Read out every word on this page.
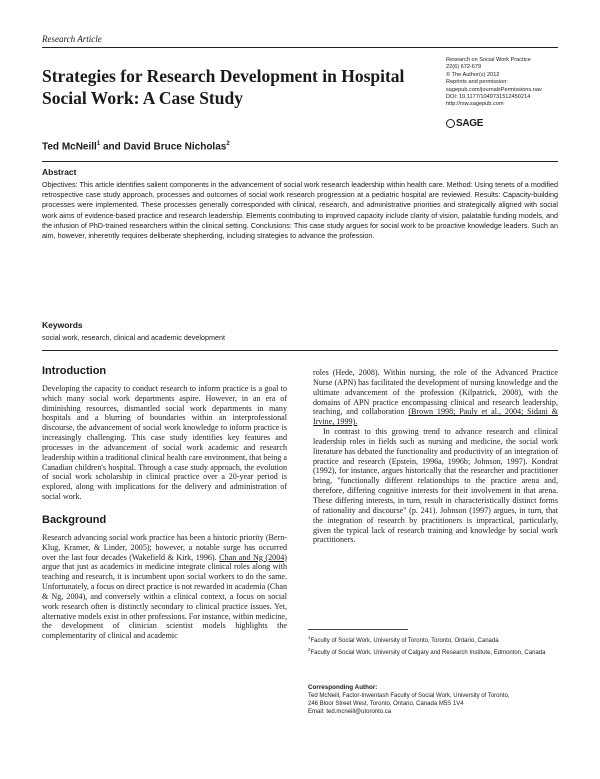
Research Article
Strategies for Research Development in Hospital Social Work: A Case Study
Research on Social Work Practice
22(6) 672-679
© The Author(s) 2012
Reprints and permission:
sagepub.com/journalsPermissions.nav
DOI: 10.1177/1049731512450214
http://rsw.sagepub.com
SAGE
Ted McNeill$^1$ and David Bruce Nicholas$^2$
Abstract
Objectives: This article identifies salient components in the advancement of social work research leadership within health care. Method: Using tenets of a modified retrospective case study approach, processes and outcomes of social work research progression at a pediatric hospital are reviewed. Results: Capacity-building processes were implemented. These processes generally corresponded with clinical, research, and administrative priorities and strategically aligned with social work aims of evidence-based practice and research leadership. Elements contributing to improved capacity include clarity of vision, palatable funding models, and the infusion of PhD-trained researchers within the clinical setting. Conclusions: This case study argues for social work to be proactive knowledge leaders. Such an aim, however, inherently requires deliberate shepherding, including strategies to advance the profession.
Keywords
social work, research, clinical and academic development
Introduction

Developing the capacity to conduct research to inform practice is a goal to which many social work departments aspire. However, in an era of diminishing resources, dismantled social work departments in many hospitals and a blurring of boundaries within an interprofessional discourse, the advancement of social work knowledge to inform practice is increasingly challenging. This case study identifies key features and processes in the advancement of social work academic and research leadership within a traditional clinical health care environment, that being a Canadian children's hospital. Through a case study approach, the evolution of social work scholarship in clinical practice over a 20-year period is explored, along with implications for the delivery and administration of social work.

Background

Research advancing social work practice has been a historic priority (Bern-Klug, Kramer, & Linder, 2005); however, a notable surge has occurred over the last four decades (Wakefield & Kirk, 1996). Chan and Ng (2004) argue that just as academics in medicine integrate clinical roles along with teaching and research, it is incumbent upon social workers to do the same. Unfortunately, a focus on direct practice is not rewarded in academia (Chan & Ng, 2004), and conversely within a clinical context, a focus on social work research often is distinctly secondary to clinical practice issues. Yet, alternative models exist in other professions. For instance, within medicine, the development of clinician scientist models highlights the complementarity of clinical and academic

roles (Hede, 2008). Within nursing, the role of the Advanced Practice Nurse (APN) has facilitated the development of nursing knowledge and the ultimate advancement of the profession (Kilpatrick, 2008), with the domains of APN practice encompassing clinical and research leadership, teaching, and collaboration (Brown 1998; Pauly et al., 2004; Sidani & Irvine, 1999).

In contrast to this growing trend to advance research and clinical leadership roles in fields such as nursing and medicine, the social work literature has debated the functionality and productivity of an integration of practice and research (Epstein, 1996a, 1996b; Johnson, 1997). Kondrat (1992), for instance, argues historically that the researcher and practitioner bring, "functionally different relationships to the practice arena and, therefore, differing cognitive interests for their involvement in that arena. These differing interests, in turn, result in characteristically distinct forms of rationality and discourse" (p. 241). Johnson (1997) argues, in turn, that the integration of research by practitioners is impractical, particularly, given the typical lack of research training and knowledge by social work practitioners.

$^1$Faculty of Social Work, University of Toronto, Toronto, Ontario, Canada
$^2$Faculty of Social Work, University of Calgary and Research Institute, Edmonton, Canada
Corresponding Author:
Ted McNeill, Factor-Inwentash Faculty of Social Work, University of Toronto,
246 Bloor Street West, Toronto, Ontario, Canada M5S 1V4
Email: ted.mcneill@utoronto.ca
